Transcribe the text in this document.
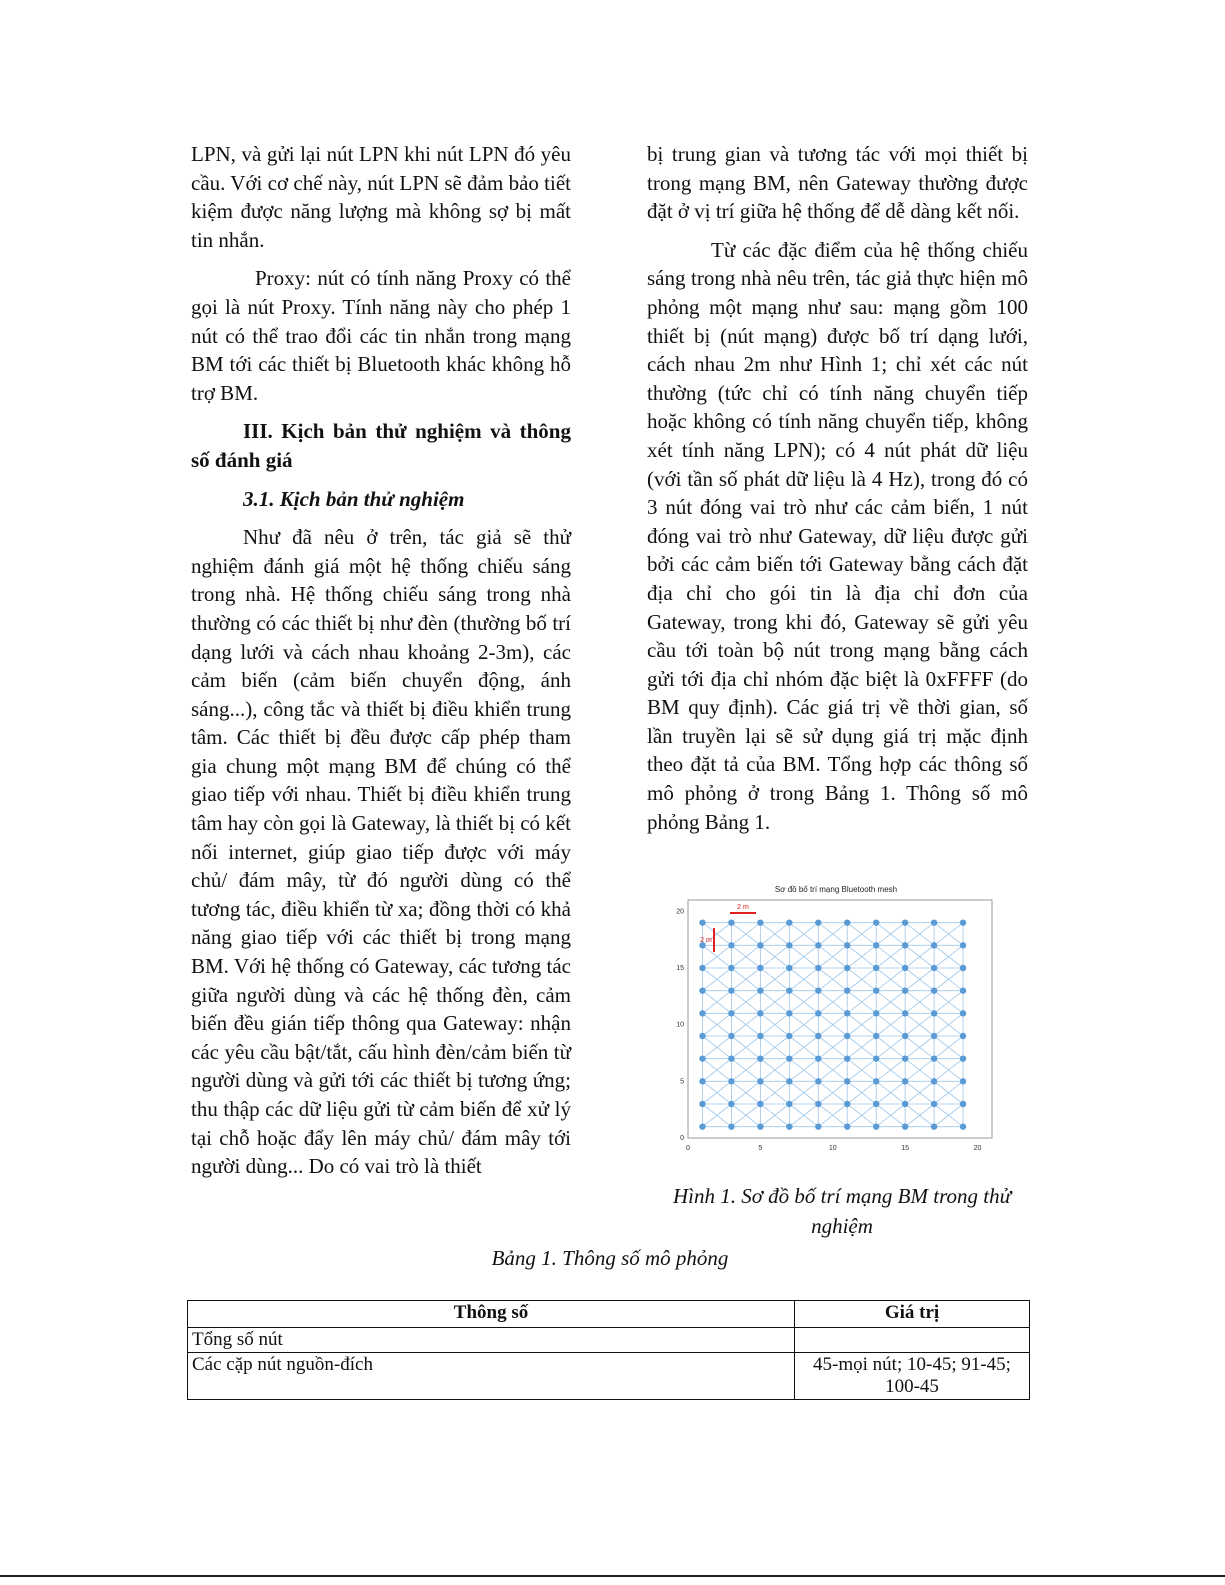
LPN, và gửi lại nút LPN khi nút LPN đó yêu cầu. Với cơ chế này, nút LPN sẽ đảm bảo tiết kiệm được năng lượng mà không sợ bị mất tin nhắn.

Proxy: nút có tính năng Proxy có thể gọi là nút Proxy. Tính năng này cho phép 1 nút có thể trao đổi các tin nhắn trong mạng BM tới các thiết bị Bluetooth khác không hỗ trợ BM.

III. Kịch bản thử nghiệm và thông số đánh giá

3.1. Kịch bản thử nghiệm

Như đã nêu ở trên, tác giả sẽ thử nghiệm đánh giá một hệ thống chiếu sáng trong nhà. Hệ thống chiếu sáng trong nhà thường có các thiết bị như đèn (thường bố trí dạng lưới và cách nhau khoảng 2-3m), các cảm biến (cảm biến chuyển động, ánh sáng...), công tắc và thiết bị điều khiển trung tâm. Các thiết bị đều được cấp phép tham gia chung một mạng BM để chúng có thể giao tiếp với nhau. Thiết bị điều khiển trung tâm hay còn gọi là Gateway, là thiết bị có kết nối internet, giúp giao tiếp được với máy chủ/ đám mây, từ đó người dùng có thể tương tác, điều khiển từ xa; đồng thời có khả năng giao tiếp với các thiết bị trong mạng BM. Với hệ thống có Gateway, các tương tác giữa người dùng và các hệ thống đèn, cảm biến đều gián tiếp thông qua Gateway: nhận các yêu cầu bật/tắt, cấu hình đèn/cảm biến từ người dùng và gửi tới các thiết bị tương ứng; thu thập các dữ liệu gửi từ cảm biến để xử lý tại chỗ hoặc đẩy lên máy chủ/ đám mây tới người dùng... Do có vai trò là thiết

bị trung gian và tương tác với mọi thiết bị trong mạng BM, nên Gateway thường được đặt ở vị trí giữa hệ thống để dễ dàng kết nối.

Từ các đặc điểm của hệ thống chiếu sáng trong nhà nêu trên, tác giả thực hiện mô phỏng một mạng như sau: mạng gồm 100 thiết bị (nút mạng) được bố trí dạng lưới, cách nhau 2m như Hình 1; chỉ xét các nút thường (tức chỉ có tính năng chuyển tiếp hoặc không có tính năng chuyển tiếp, không xét tính năng LPN); có 4 nút phát dữ liệu (với tần số phát dữ liệu là 4 Hz), trong đó có 3 nút đóng vai trò như các cảm biến, 1 nút đóng vai trò như Gateway, dữ liệu được gửi bởi các cảm biến tới Gateway bằng cách đặt địa chỉ cho gói tin là địa chỉ đơn của Gateway, trong khi đó, Gateway sẽ gửi yêu cầu tới toàn bộ nút trong mạng bằng cách gửi tới địa chỉ nhóm đặc biệt là 0xFFFF (do BM quy định). Các giá trị về thời gian, số lần truyền lại sẽ sử dụng giá trị mặc định theo đặt tả của BM. Tổng hợp các thông số mô phỏng ở trong Bảng 1. Thông số mô phỏng Bảng 1.

Sơ đồ bố trí mạng Bluetooth mesh
0	5	10	15	20
0
5
10
15
20
2 m
2 m
Hình 1. Sơ đồ bố trí mạng BM trong thử nghiệm
Bảng 1. Thông số mô phỏng
Thông số	Giá trị
Tổng số nút	
Các cặp nút nguồn-đích	45-mọi nút; 10-45; 91-45; 100-45
